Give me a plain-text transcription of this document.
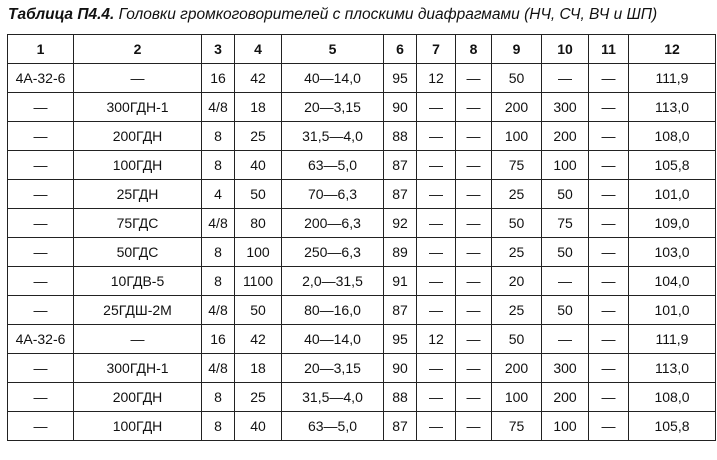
Таблица П4.4. Головки громкоговорителей с плоскими диафрагмами (НЧ, СЧ, ВЧ и ШП)
1	2	3	4	5	6	7	8	9	10	11	12
4А-32-6	—	16	42	40—14,0	95	12	—	50	—	—	111,9
—	300ГДН-1	4/8	18	20—3,15	90	—	—	200	300	—	113,0
—	200ГДН	8	25	31,5—4,0	88	—	—	100	200	—	108,0
—	100ГДН	8	40	63—5,0	87	—	—	75	100	—	105,8
—	25ГДН	4	50	70—6,3	87	—	—	25	50	—	101,0
—	75ГДС	4/8	80	200—6,3	92	—	—	50	75	—	109,0
—	50ГДС	8	100	250—6,3	89	—	—	25	50	—	103,0
—	10ГДВ-5	8	1100	2,0—31,5	91	—	—	20	—	—	104,0
—	25ГДШ-2М	4/8	50	80—16,0	87	—	—	25	50	—	101,0
4А-32-6	—	16	42	40—14,0	95	12	—	50	—	—	111,9
—	300ГДН-1	4/8	18	20—3,15	90	—	—	200	300	—	113,0
—	200ГДН	8	25	31,5—4,0	88	—	—	100	200	—	108,0
—	100ГДН	8	40	63—5,0	87	—	—	75	100	—	105,8
